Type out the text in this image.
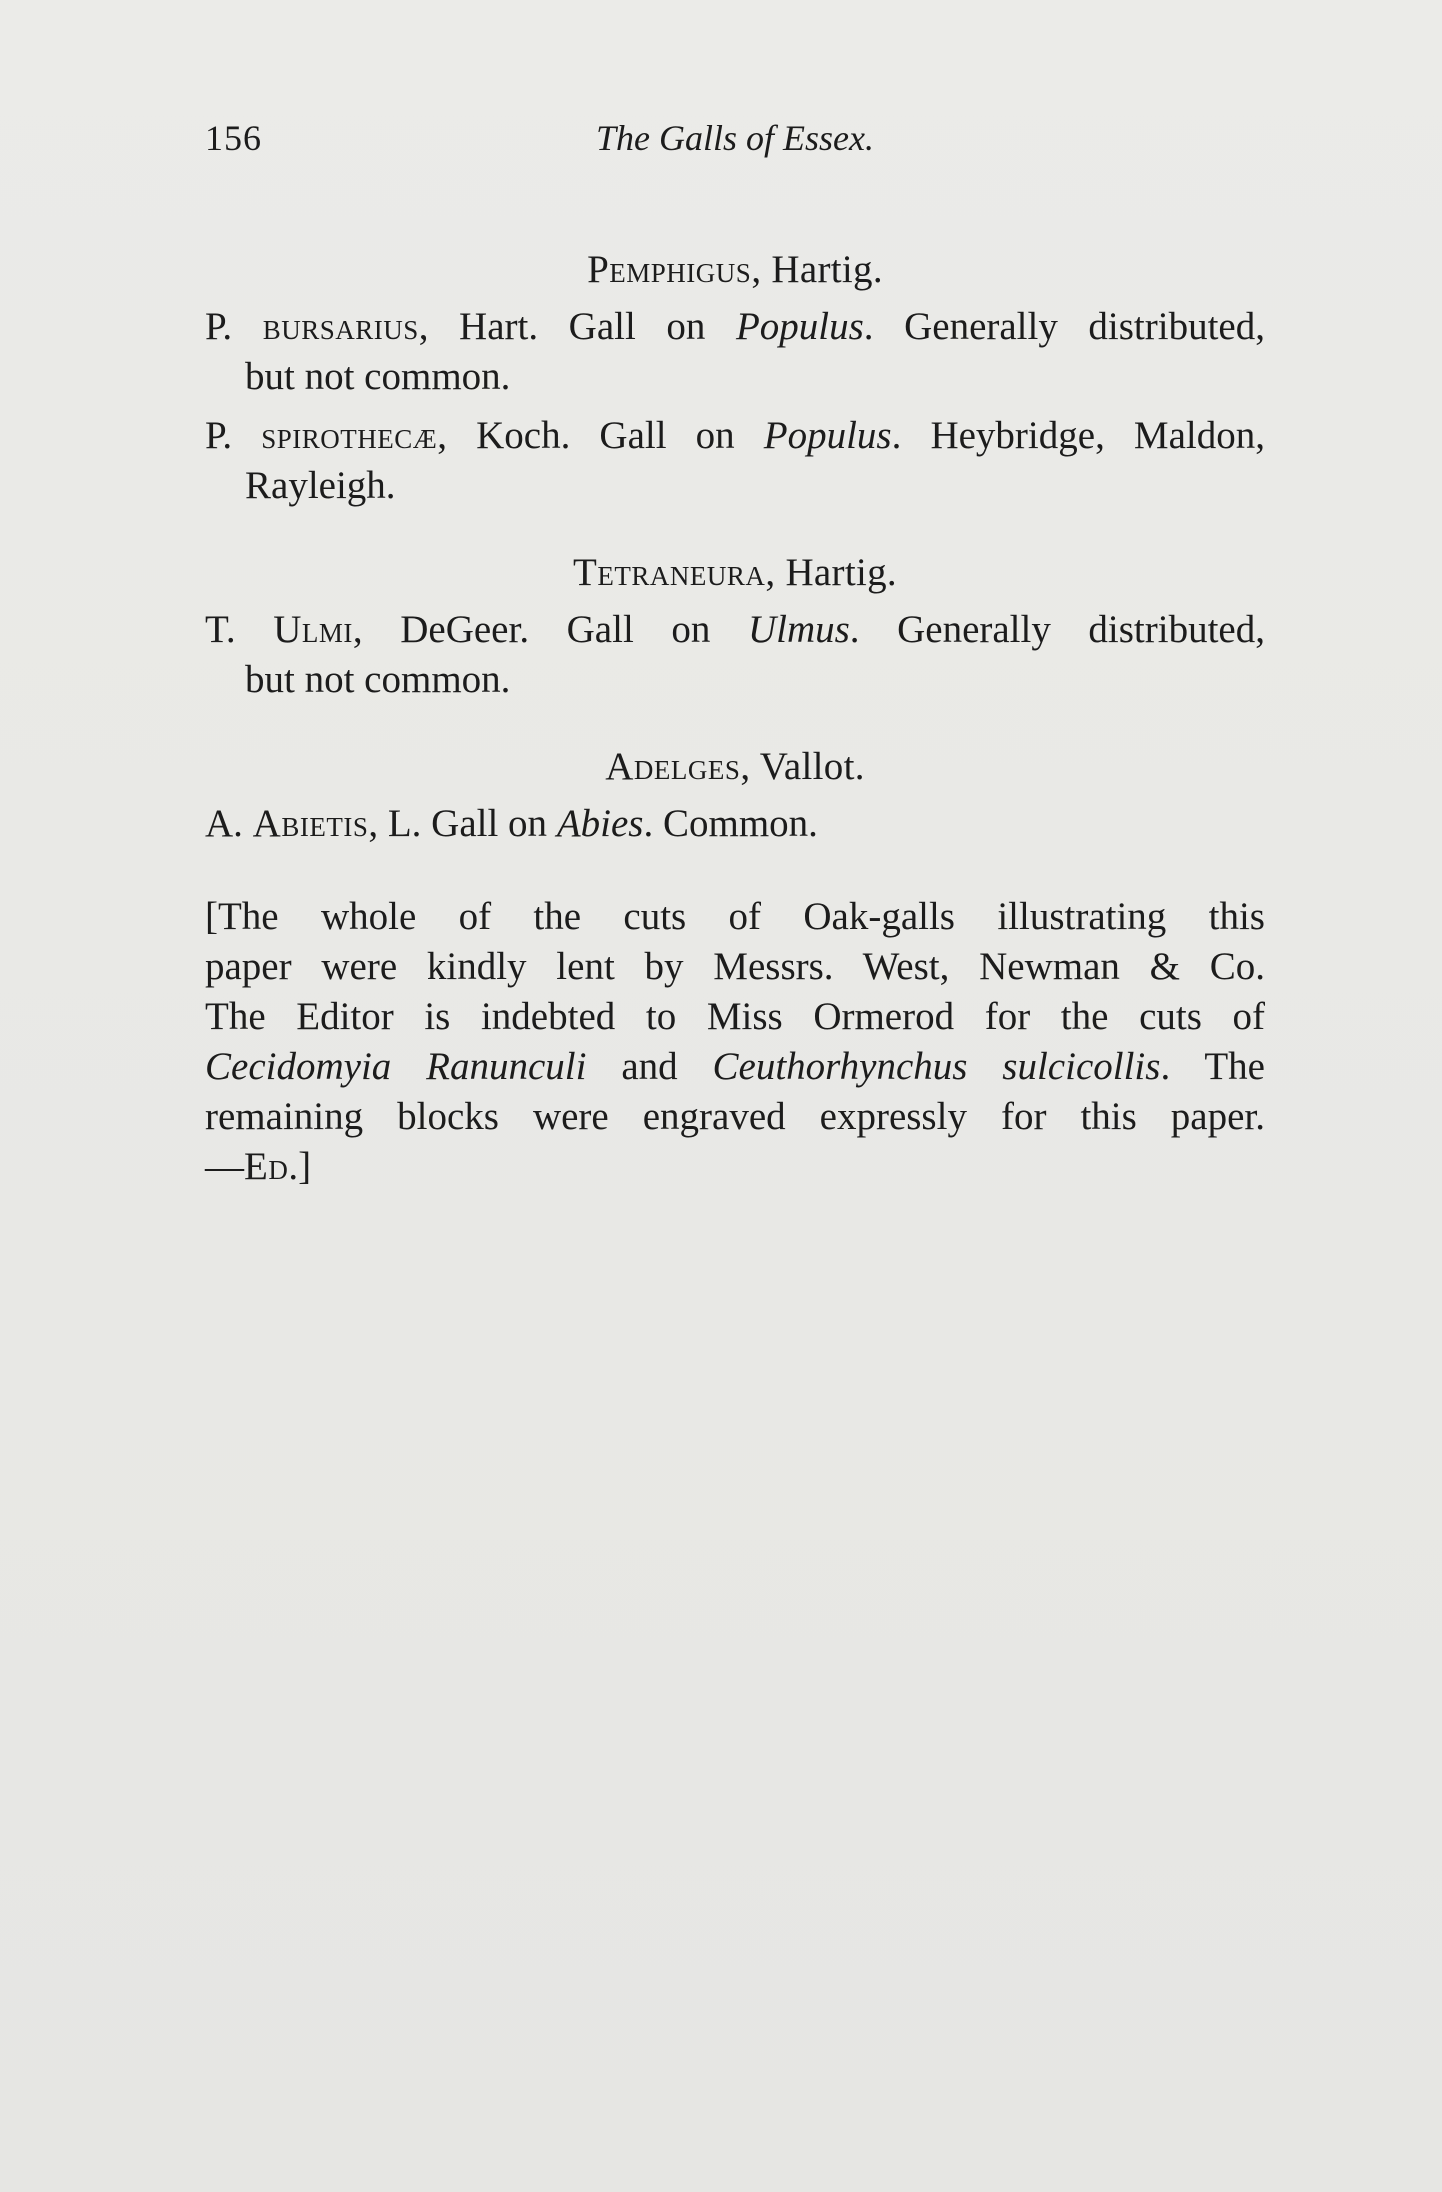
156	The Galls of Essex.
Pemphigus, Hartig.
P. bursarius, Hart. Gall on Populus. Generally distributed,
but not common.
P. spirothecæ, Koch. Gall on Populus. Heybridge, Maldon,
Rayleigh.
Tetraneura, Hartig.
T. Ulmi, DeGeer. Gall on Ulmus. Generally distributed,
but not common.
Adelges, Vallot.
A. Abietis, L. Gall on Abies. Common.
[The whole of the cuts of Oak-galls illustrating this
paper were kindly lent by Messrs. West, Newman & Co.
The Editor is indebted to Miss Ormerod for the cuts of
Cecidomyia Ranunculi and Ceuthorhynchus sulcicollis. The
remaining blocks were engraved expressly for this paper.
—Ed.]
